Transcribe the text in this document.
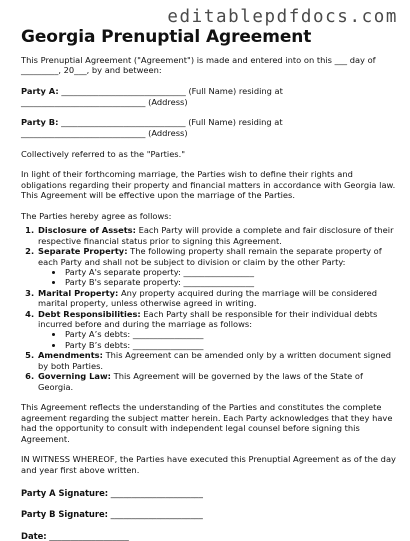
editablepdfdocs.com
Georgia Prenuptial Agreement

This Prenuptial Agreement ("Agreement") is made and entered into on this ___ day of
_________, 20___, by and between:

Party A: ______________________________ (Full Name) residing at
______________________________ (Address)

Party B: ______________________________ (Full Name) residing at
______________________________ (Address)

Collectively referred to as the "Parties."

In light of their forthcoming marriage, the Parties wish to define their rights and
obligations regarding their property and financial matters in accordance with Georgia law.
This Agreement will be effective upon the marriage of the Parties.

The Parties hereby agree as follows:

1. Disclosure of Assets: Each Party will provide a complete and fair disclosure of their
respective financial status prior to signing this Agreement.
2. Separate Property: The following property shall remain the separate property of
each Party and shall not be subject to division or claim by the other Party:
• Party A's separate property: _________________
• Party B's separate property: _________________
3. Marital Property: Any property acquired during the marriage will be considered
marital property, unless otherwise agreed in writing.
4. Debt Responsibilities: Each Party shall be responsible for their individual debts
incurred before and during the marriage as follows:
• Party A’s debts: _________________
• Party B’s debts: _________________
5. Amendments: This Agreement can be amended only by a written document signed
by both Parties.
6. Governing Law: This Agreement will be governed by the laws of the State of
Georgia.

This Agreement reflects the understanding of the Parties and constitutes the complete
agreement regarding the subject matter herein. Each Party acknowledges that they have
had the opportunity to consult with independent legal counsel before signing this
Agreement.

IN WITNESS WHEREOF, the Parties have executed this Prenuptial Agreement as of the day
and year first above written.

Party A Signature: ______________________

Party B Signature: ______________________

Date: ___________________
